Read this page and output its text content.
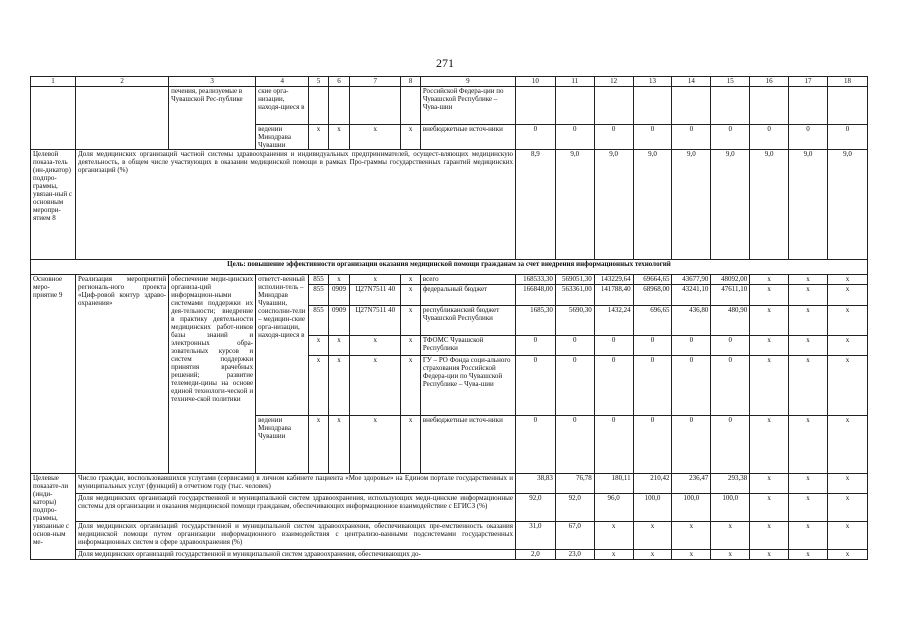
271
1	2	3	4	5	6	7	8	9	10	11	12	13	14	15	16	17	18
		печения, реализуемые в Чувашской Рес-публике	ские орга-низации, находя-щиеся в					Российской Федера-ции по Чувашской Республике – Чува-шии									
			ведении Минздрава Чувашии	x	x	x	x	внебюджетные источ-ники	0	0	0	0	0	0	0	0	0
Целевой показа-тель (ин-дикатор) подпро-граммы, увязан-ный с основным меропри-ятием 8	Доля медицинских организаций частной системы здравоохранения и индивидуальных предпринимателей, осущест-вляющих медицинскую деятельность, в общем числе участвующих в оказании медицинской помощи в рамках Про-граммы государственных гарантий медицинских организаций (%)								8,9	9,0	9,0	9,0	9,0	9,0	9,0	9,0	9,0
Цель: повышение эффективности организации оказания медицинской помощи гражданам за счет внедрения информационных технологий																	
Основное меро-приятие 9	Реализация мероприятий региональ-ного проекта «Циф-ровой контур здраво-охранения»	обеспечение меди-цинских организа-ций информацион-ными системами поддержки их дея-тельности; внедрение в практику деятельности медицинских работ-ников базы знаний и электронных обра-зовательных курсов и систем поддержки принятия врачебных решений; развитие телемеди-цины на основе единой технологи-ческой и техниче-ской политики	ответст-венный исполни-тель – Минздрав Чувашии, соисполни-тели – медицин-ские орга-низации, находя-щиеся в	855	x	x	x	всего	168533,30	569051,30	143229,64	69664,65	43677,90	48092,00	x	x	x
				855	0909	Ц27N7511 40	x	федеральный бюджет	166848,00	563361,00	141788,40	68968,00	43241,10	47611,10	x	x	x
				855	0909	Ц27N7511 40	x	республиканский бюджет Чувашской Республики	1685,30	5690,30	1432,24	696,65	436,80	480,90	x	x	x
				x	x	x	x	ТФОМС Чувашской Республики	0	0	0	0	0	0	x	x	x
				x	x	x	x	ГУ – РО Фонда соци-ального страхования Российской Федера-ции по Чувашской Республике – Чува-шии	0	0	0	0	0	0	x	x	x
			ведении Минздрава Чувашии	x	x	x	x	внебюджетные источ-ники	0	0	0	0	0	0	x	x	x
Целевые показате-ли (инди-каторы) подпро-граммы, увязанные с основ-ным ме-	Число граждан, воспользовавшихся услугами (сервисами) в личном кабинете пациента «Мое здоровье» на Едином портале государственных и муниципальных услуг (функций) в отчетном году (тыс. человек)								38,83	76,78	180,11	210,42	236,47	293,38	x	x	x
	Доля медицинских организаций государственной и муниципальной систем здравоохранения, использующих меди-цинские информационные системы для организации и оказания медицинской помощи гражданам, обеспечивающих информационное взаимодействие с ЕГИСЗ (%)								92,0	92,0	96,0	100,0	100,0	100,0	x	x	x
	Доля медицинских организаций государственной и муниципальной систем здравоохранения, обеспечивающих пре-емственность оказания медицинской помощи путем организации информационного взаимодействия с централизо-ванными подсистемами государственных информационных систем в сфере здравоохранения (%)								31,0	67,0	x	x	x	x	x	x	x
	Доля медицинских организаций государственной и муниципальной систем здравоохранения, обеспечивающих до-								2,0	23,0	x	x	x	x	x	x	x
